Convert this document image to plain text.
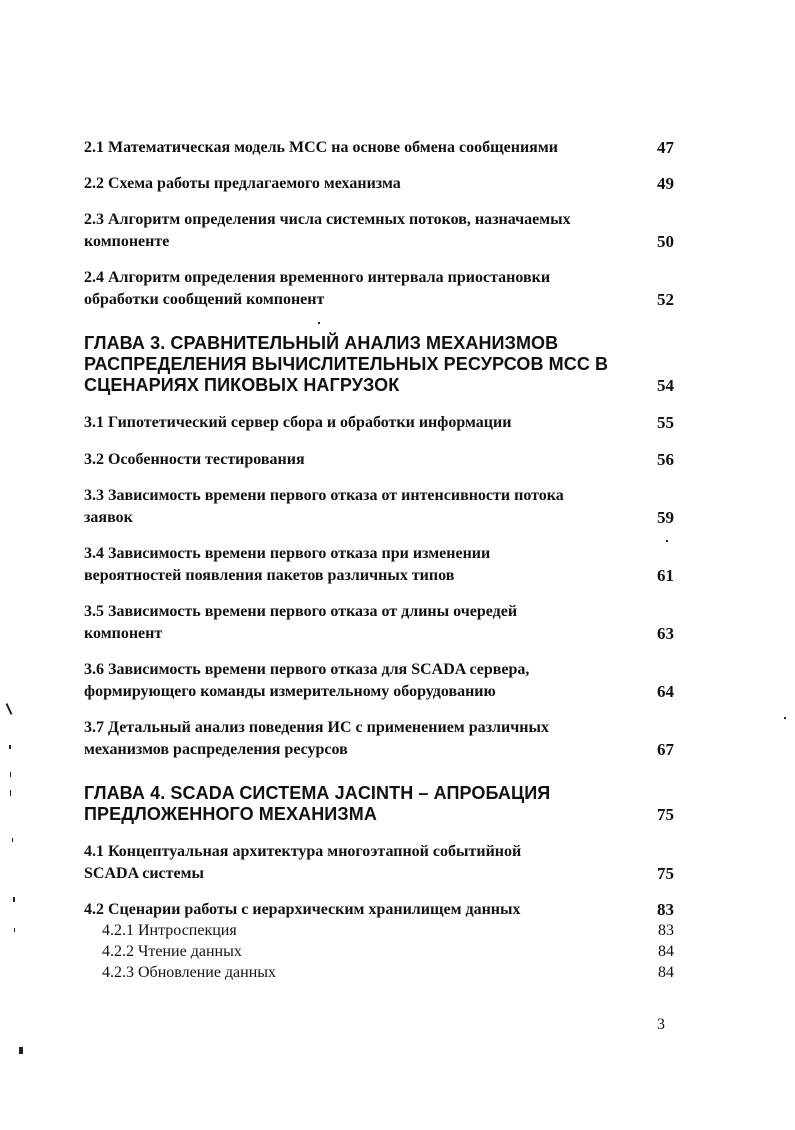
2.1 Математическая модель МСС на основе обмена сообщениями	47
2.2 Схема работы предлагаемого механизма	49
2.3 Алгоритм определения числа системных потоков, назначаемых
компоненте	50
2.4 Алгоритм определения временного интервала приостановки
обработки сообщений компонент	52
ГЛАВА 3. СРАВНИТЕЛЬНЫЙ АНАЛИЗ МЕХАНИЗМОВ
РАСПРЕДЕЛЕНИЯ ВЫЧИСЛИТЕЛЬНЫХ РЕСУРСОВ МСС В
СЦЕНАРИЯХ ПИКОВЫХ НАГРУЗОК	54
3.1 Гипотетический сервер сбора и обработки информации	55
3.2 Особенности тестирования	56
3.3 Зависимость времени первого отказа от интенсивности потока
заявок	59
3.4 Зависимость времени первого отказа при изменении
вероятностей появления пакетов различных типов	61
3.5 Зависимость времени первого отказа от длины очередей
компонент	63
3.6 Зависимость времени первого отказа для SCADA сервера,
формирующего команды измерительному оборудованию	64
3.7 Детальный анализ поведения ИС с применением различных
механизмов распределения ресурсов	67
ГЛАВА 4. SCADA СИСТЕМА JACINTH – АПРОБАЦИЯ
ПРЕДЛОЖЕННОГО МЕХАНИЗМА	75
4.1 Концептуальная архитектура многоэтапной событийной
SCADA системы	75
4.2 Сценарии работы с иерархическим хранилищем данных	83
4.2.1 Интроспекция	83
4.2.2 Чтение данных	84
4.2.3 Обновление данных	84
3
